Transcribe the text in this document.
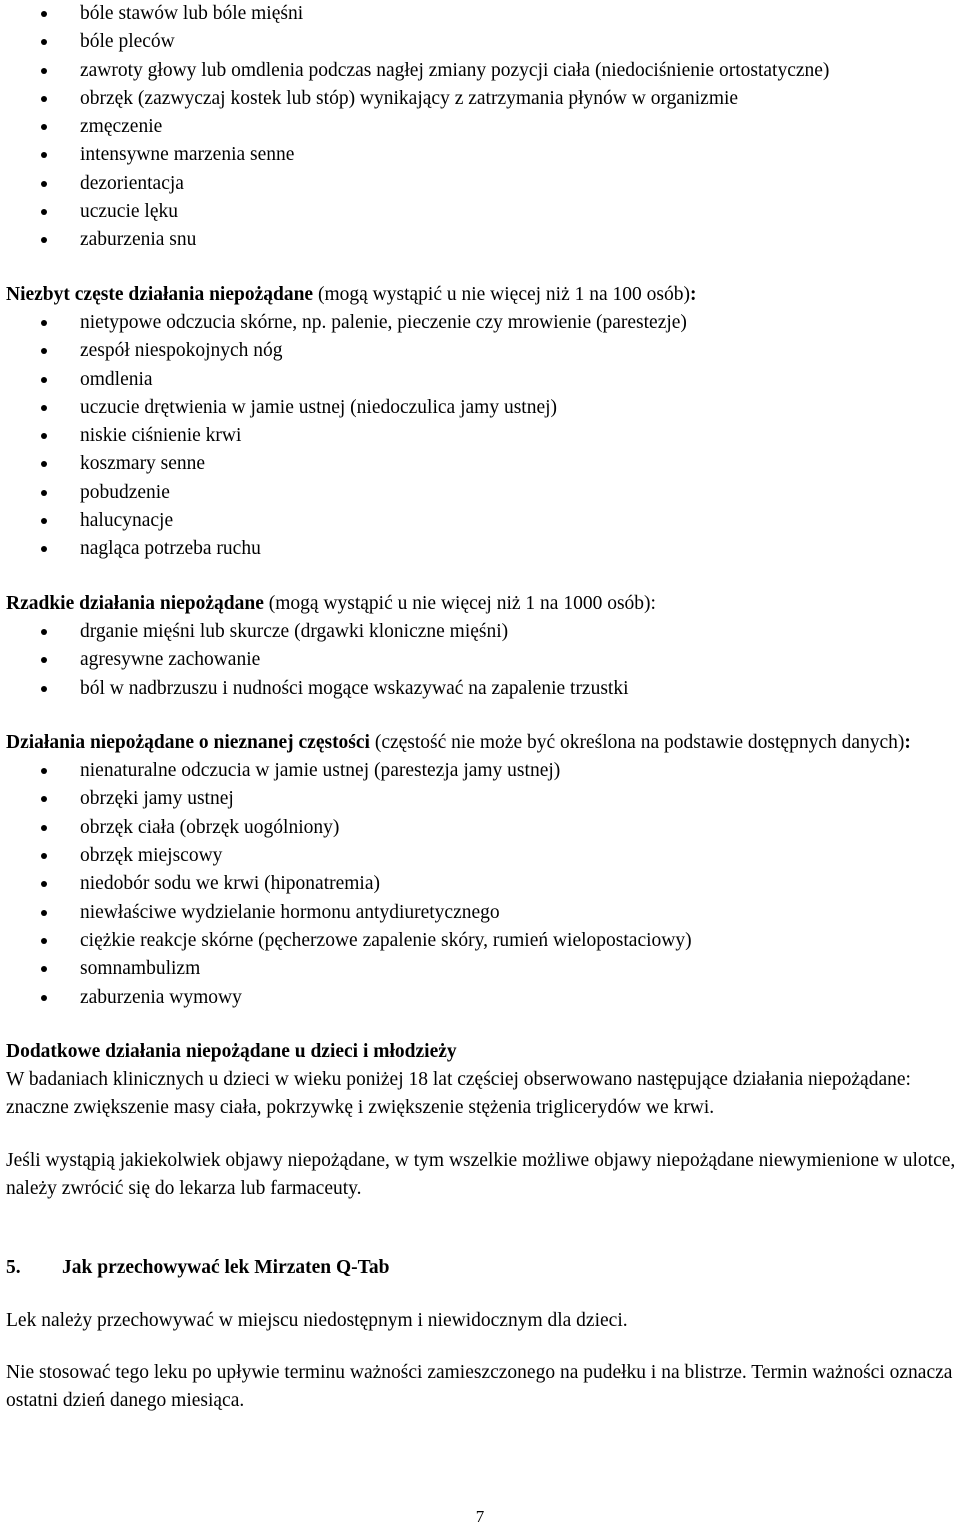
bóle stawów lub bóle mięśni
bóle pleców
zawroty głowy lub omdlenia podczas nagłej zmiany pozycji ciała (niedociśnienie ortostatyczne)
obrzęk (zazwyczaj kostek lub stóp) wynikający z zatrzymania płynów w organizmie
zmęczenie
intensywne marzenia senne
dezorientacja
uczucie lęku
zaburzenia snu

Niezbyt częste działania niepożądane (mogą wystąpić u nie więcej niż 1 na 100 osób):

nietypowe odczucia skórne, np. palenie, pieczenie czy mrowienie (parestezje)
zespół niespokojnych nóg
omdlenia
uczucie drętwienia w jamie ustnej (niedoczulica jamy ustnej)
niskie ciśnienie krwi
koszmary senne
pobudzenie
halucynacje
nagląca potrzeba ruchu

Rzadkie działania niepożądane (mogą wystąpić u nie więcej niż 1 na 1000 osób):

drganie mięśni lub skurcze (drgawki kloniczne mięśni)
agresywne zachowanie
ból w nadbrzuszu i nudności mogące wskazywać na zapalenie trzustki

Działania niepożądane o nieznanej częstości (częstość nie może być określona na podstawie dostępnych danych):

nienaturalne odczucia w jamie ustnej (parestezja jamy ustnej)
obrzęki jamy ustnej
obrzęk ciała (obrzęk uogólniony)
obrzęk miejscowy
niedobór sodu we krwi (hiponatremia)
niewłaściwe wydzielanie hormonu antydiuretycznego
ciężkie reakcje skórne (pęcherzowe zapalenie skóry, rumień wielopostaciowy)
somnambulizm
zaburzenia wymowy

Dodatkowe działania niepożądane u dzieci i młodzieży

W badaniach klinicznych u dzieci w wieku poniżej 18 lat częściej obserwowano następujące działania niepożądane: znaczne zwiększenie masy ciała, pokrzywkę i zwiększenie stężenia triglicerydów we krwi.

Jeśli wystąpią jakiekolwiek objawy niepożądane, w tym wszelkie możliwe objawy niepożądane niewymienione w ulotce, należy zwrócić się do lekarza lub farmaceuty.

5. Jak przechowywać lek Mirzaten Q-Tab

Lek należy przechowywać w miejscu niedostępnym i niewidocznym dla dzieci.

Nie stosować tego leku po upływie terminu ważności zamieszczonego na pudełku i na blistrze. Termin ważności oznacza ostatni dzień danego miesiąca.

7
